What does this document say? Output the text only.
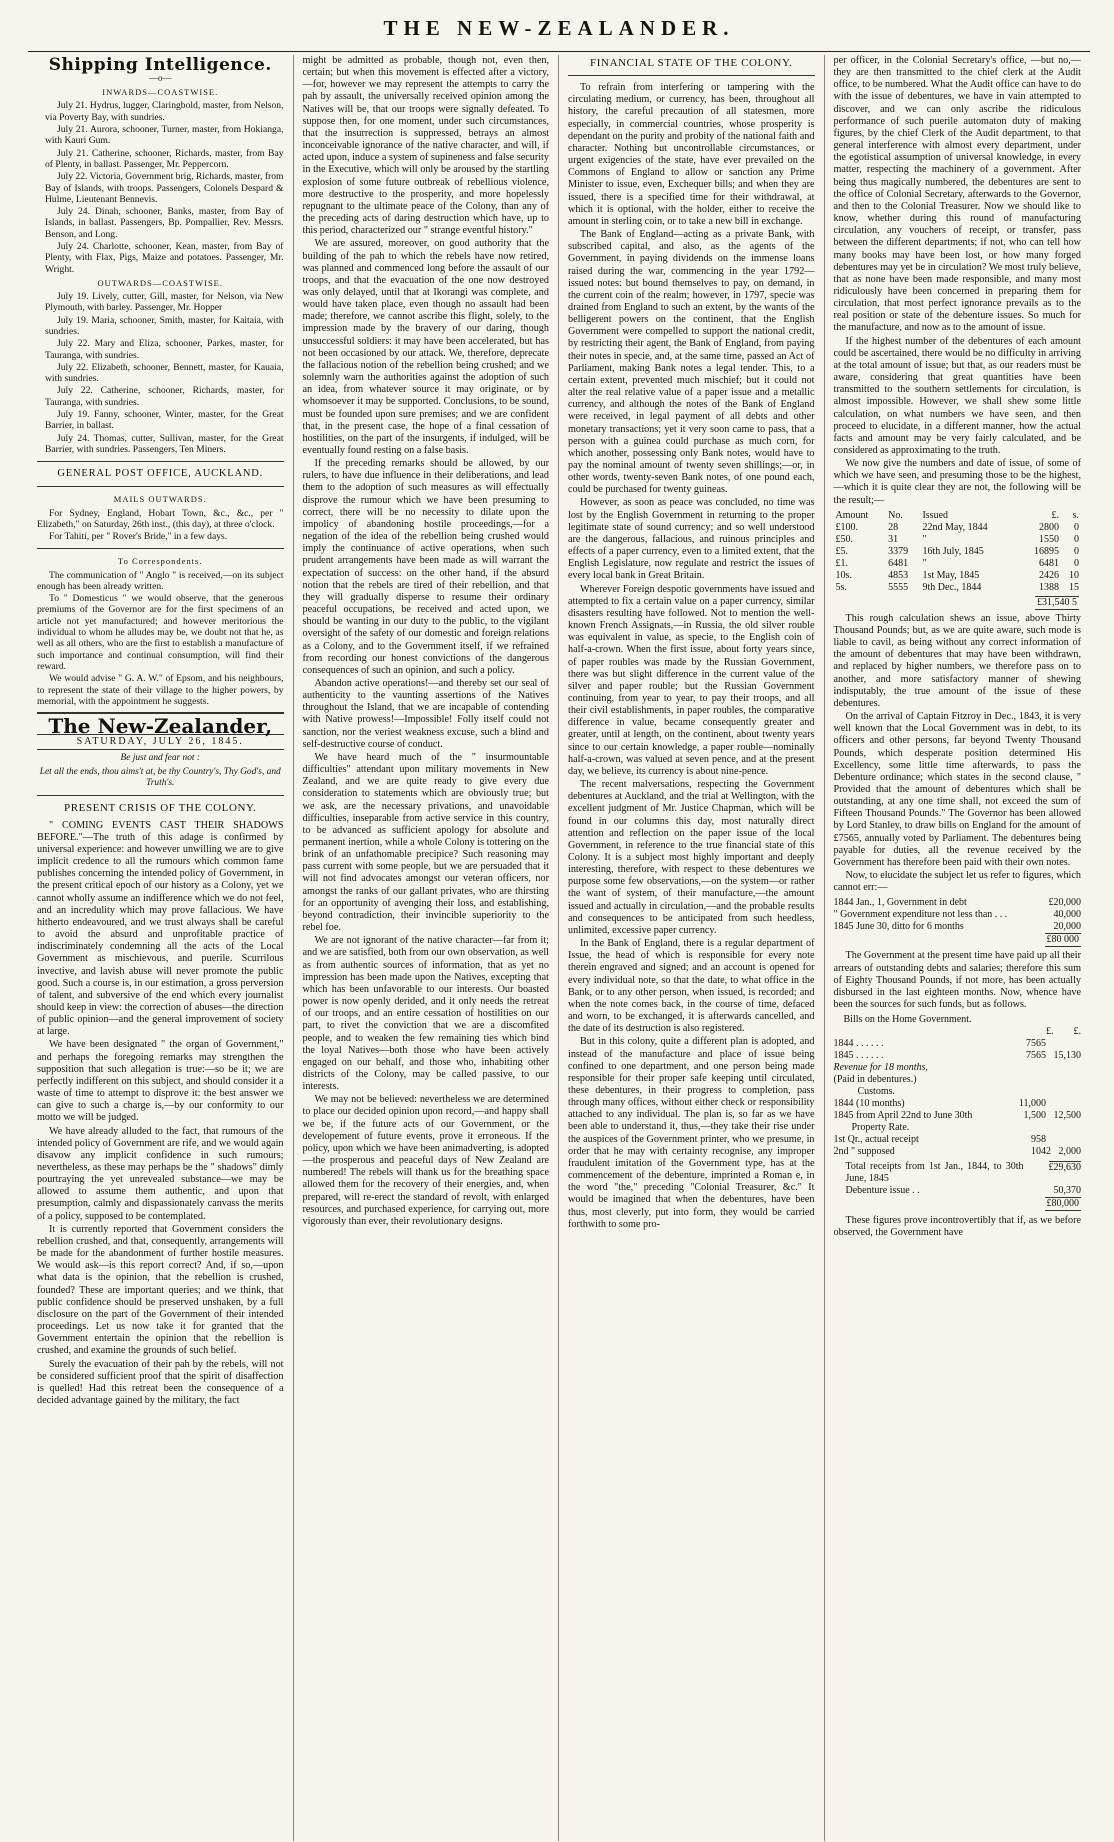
THE NEW-ZEALANDER.
Shipping Intelligence.
—o—
INWARDS—COASTWISE.

July 21. Hydrus, lugger, Claringbold, master, from Nelson, via Poverty Bay, with sundries.

July 21. Aurora, schooner, Turner, master, from Hokianga, with Kauri Gum.

July 21. Catherine, schooner, Richards, master, from Bay of Plenty, in ballast. Passenger, Mr. Peppercorn.

July 22. Victoria, Government brig, Richards, master, from Bay of Islands, with troops. Passengers, Colonels Despard & Hulme, Lieutenant Bennevis.

July 24. Dinah, schooner, Banks, master, from Bay of Islands, in ballast. Passengers, Bp. Pompallier, Rev. Messrs. Benson, and Long.

July 24. Charlotte, schooner, Kean, master, from Bay of Plenty, with Flax, Pigs, Maize and potatoes. Passenger, Mr. Wright.

OUTWARDS—COASTWISE.

July 19. Lively, cutter, Gill, master, for Nelson, via New Plymouth, with barley. Passenger, Mr. Hopper

July 19. Maria, schooner, Smith, master, for Kaitaia, with sundries.

July 22. Mary and Eliza, schooner, Parkes, master, for Tauranga, with sundries.

July 22. Elizabeth, schooner, Bennett, master, for Kauaia, with sundries.

July 22. Catherine, schooner, Richards, master, for Tauranga, with sundries.

July 19. Fanny, schooner, Winter, master, for the Great Barrier, in ballast.

July 24. Thomas, cutter, Sullivan, master, for the Great Barrier, with sundries. Passengers, Ten Miners.

GENERAL POST OFFICE, AUCKLAND.
MAILS OUTWARDS.

For Sydney, England, Hobart Town, &c., &c., per " Elizabeth," on Saturday, 26th inst., (this day), at three o'clock.

For Tahiti, per " Rover's Bride," in a few days.

To Correspondents.

The communication of " Anglo " is received,—on its subject enough has been already written.

To " Domesticus " we would observe, that the generous premiums of the Governor are for the first specimens of an article not yet manufactured; and however meritorious the individual to whom he alludes may be, we doubt not that he, as well as all others, who are the first to establish a manufacture of such importance and continual consumption, will find their reward.

We would advise " G. A. W." of Epsom, and his neighbours, to represent the state of their village to the higher powers, by memorial, with the appointment he suggests.

The New-Zealander,
SATURDAY, JULY 26, 1845.
Be just and fear not :
Let all the ends, thou aims't at, be thy Country's, Thy God's, and Truth's.
PRESENT CRISIS OF THE COLONY.

" COMING EVENTS CAST THEIR SHADOWS BEFORE."—The truth of this adage is confirmed by universal experience: and however unwilling we are to give implicit credence to all the rumours which common fame publishes concerning the intended policy of Government, in the present critical epoch of our history as a Colony, yet we cannot wholly assume an indifference which we do not feel, and an incredulity which may prove fallacious. We have hitherto endeavoured, and we trust always shall be careful to avoid the absurd and unprofitable practice of indiscriminately condemning all the acts of the Local Government as mischievous, and puerile. Scurrilous invective, and lavish abuse will never promote the public good. Such a course is, in our estimation, a gross perversion of talent, and subversive of the end which every journalist should keep in view: the correction of abuses—the direction of public opinion—and the general improvement of society at large.

We have been designated " the organ of Government," and perhaps the foregoing remarks may strengthen the supposition that such allegation is true:—so be it; we are perfectly indifferent on this subject, and should consider it a waste of time to attempt to disprove it: the best answer we can give to such a charge is,—by our conformity to our motto we will be judged.

We have already alluded to the fact, that rumours of the intended policy of Government are rife, and we would again disavow any implicit confidence in such rumours; nevertheless, as these may perhaps be the " shadows" dimly pourtraying the yet unrevealed substance—we may be allowed to assume them authentic, and upon that presumption, calmly and dispassionately canvass the merits of a policy, supposed to be contemplated.

It is currently reported that Government considers the rebellion crushed, and that, consequently, arrangements will be made for the abandonment of further hostile measures. We would ask—is this report correct? And, if so,—upon what data is the opinion, that the rebellion is crushed, founded? These are important queries; and we think, that public confidence should be preserved unshaken, by a full disclosure on the part of the Government of their intended proceedings. Let us now take it for granted that the Government entertain the opinion that the rebellion is crushed, and examine the grounds of such belief.

Surely the evacuation of their pah by the rebels, will not be considered sufficient proof that the spirit of disaffection is quelled! Had this retreat been the consequence of a decided advantage gained by the military, the fact

might be admitted as probable, though not, even then, certain; but when this movement is effected after a victory,—for, however we may represent the attempts to carry the pah by assault, the universally received opinion among the Natives will be, that our troops were signally defeated. To suppose then, for one moment, under such circumstances, that the insurrection is suppressed, betrays an almost inconceivable ignorance of the native character, and will, if acted upon, induce a system of supineness and false security in the Executive, which will only be aroused by the startling explosion of some future outbreak of rebellious violence, more destructive to the prosperity, and more hopelessly repugnant to the ultimate peace of the Colony, than any of the preceding acts of daring destruction which have, up to this period, characterized our " strange eventful history."

We are assured, moreover, on good authority that the building of the pah to which the rebels have now retired, was planned and commenced long before the assault of our troops, and that the evacuation of the one now destroyed was only delayed, until that at Ikorangi was complete, and would have taken place, even though no assault had been made; therefore, we cannot ascribe this flight, solely, to the impression made by the bravery of our daring, though unsuccessful soldiers: it may have been accelerated, but has not been occasioned by our attack. We, therefore, deprecate the fallacious notion of the rebellion being crushed; and we solemnly warn the authorities against the adoption of such an idea, from whatever source it may originate, or by whomsoever it may be supported. Conclusions, to be sound, must be founded upon sure premises; and we are confident that, in the present case, the hope of a final cessation of hostilities, on the part of the insurgents, if indulged, will be eventually found resting on a false basis.

If the preceding remarks should be allowed, by our rulers, to have due influence in their deliberations, and lead them to the adoption of such measures as will effectually disprove the rumour which we have been presuming to correct, there will be no necessity to dilate upon the impolicy of abandoning hostile proceedings,—for a negation of the idea of the rebellion being crushed would imply the continuance of active operations, when such prudent arrangements have been made as will warrant the expectation of success: on the other hand, if the absurd notion that the rebels are tired of their rebellion, and that they will gradually disperse to resume their ordinary peaceful occupations, be received and acted upon, we should be wanting in our duty to the public, to the vigilant oversight of the safety of our domestic and foreign relations as a Colony, and to the Government itself, if we refrained from recording our honest convictions of the dangerous consequences of such an opinion, and such a policy.

Abandon active operations!—and thereby set our seal of authenticity to the vaunting assertions of the Natives throughout the Island, that we are incapable of contending with Native prowess!—Impossible! Folly itself could not sanction, nor the veriest weakness excuse, such a blind and self-destructive course of conduct.

We have heard much of the " insurmountable difficulties" attendant upon military movements in New Zealand, and we are quite ready to give every due consideration to statements which are obviously true; but we ask, are the necessary privations, and unavoidable difficulties, inseparable from active service in this country, to be advanced as sufficient apology for absolute and permanent inertion, while a whole Colony is tottering on the brink of an unfathomable precipice? Such reasoning may pass current with some people, but we are persuaded that it will not find advocates amongst our veteran officers, nor amongst the ranks of our gallant privates, who are thirsting for an opportunity of avenging their loss, and establishing, beyond contradiction, their invincible superiority to the rebel foe.

We are not ignorant of the native character—far from it; and we are satisfied, both from our own observation, as well as from authentic sources of information, that as yet no impression has been made upon the Natives, excepting that which has been unfavorable to our interests. Our boasted power is now openly derided, and it only needs the retreat of our troops, and an entire cessation of hostilities on our part, to rivet the conviction that we are a discomfited people, and to weaken the few remaining ties which bind the loyal Natives—both those who have been actively engaged on our behalf, and those who, inhabiting other districts of the Colony, may be called passive, to our interests.

We may not be believed: nevertheless we are determined to place our decided opinion upon record,—and happy shall we be, if the future acts of our Government, or the developement of future events, prove it erroneous. If the policy, upon which we have been animadverting, is adopted—the prosperous and peaceful days of New Zealand are numbered! The rebels will thank us for the breathing space allowed them for the recovery of their energies, and, when prepared, will re-erect the standard of revolt, with enlarged resources, and purchased experience, for carrying out, more vigorously than ever, their revolutionary designs.

FINANCIAL STATE OF THE COLONY.

To refrain from interfering or tampering with the circulating medium, or currency, has been, throughout all history, the careful precaution of all statesmen, more especially, in commercial countries, whose prosperity is dependant on the purity and probity of the national faith and character. Nothing but uncontrollable circumstances, or urgent exigencies of the state, have ever prevailed on the Commons of England to allow or sanction any Prime Minister to issue, even, Exchequer bills; and when they are issued, there is a specified time for their withdrawal, at which it is optional, with the holder, either to receive the amount in sterling coin, or to take a new bill in exchange.

The Bank of England—acting as a private Bank, with subscribed capital, and also, as the agents of the Government, in paying dividends on the immense loans raised during the war, commencing in the year 1792—issued notes: but bound themselves to pay, on demand, in the current coin of the realm; however, in 1797, specie was drained from England to such an extent, by the wants of the belligerent powers on the continent, that the English Government were compelled to support the national credit, by restricting their agent, the Bank of England, from paying their notes in specie, and, at the same time, passed an Act of Parliament, making Bank notes a legal tender. This, to a certain extent, prevented much mischief; but it could not alter the real relative value of a paper issue and a metallic currency, and although the notes of the Bank of England were received, in legal payment of all debts and other monetary transactions; yet it very soon came to pass, that a person with a guinea could purchase as much corn, for which another, possessing only Bank notes, would have to pay the nominal amount of twenty seven shillings;—or, in other words, twenty-seven Bank notes, of one pound each, could be purchased for twenty guineas.

However, as soon as peace was concluded, no time was lost by the English Government in returning to the proper legitimate state of sound currency; and so well understood are the dangerous, fallacious, and ruinous principles and effects of a paper currency, even to a limited extent, that the English Legislature, now regulate and restrict the issues of every local bank in Great Britain.

Wherever Foreign despotic governments have issued and attempted to fix a certain value on a paper currency, similar disasters resulting have followed. Not to mention the well-known French Assignats,—in Russia, the old silver rouble was equivalent in value, as specie, to the English coin of half-a-crown. When the first issue, about forty years since, of paper roubles was made by the Russian Government, there was but slight difference in the current value of the silver and paper rouble; but the Russian Government continuing, from year to year, to pay their troops, and all their civil establishments, in paper roubles, the comparative difference in value, became consequently greater and greater, until at length, on the continent, about twenty years since to our certain knowledge, a paper rouble—nominally half-a-crown, was valued at seven pence, and at the present day, we believe, its currency is about nine-pence.

The recent malversations, respecting the Government debentures at Auckland, and the trial at Wellington, with the excellent judgment of Mr. Justice Chapman, which will be found in our columns this day, most naturally direct attention and reflection on the paper issue of the local Government, in reference to the true financial state of this Colony. It is a subject most highly important and deeply interesting, therefore, with respect to these debentures we purpose some few observations,—on the system—or rather the want of system, of their manufacture,—the amount issued and actually in circulation,—and the probable results and consequences to be anticipated from such heedless, unlimited, excessive paper currency.

In the Bank of England, there is a regular department of Issue, the head of which is responsible for every note therein engraved and signed; and an account is opened for every individual note, so that the date, to what office in the Bank, or to any other person, when issued, is recorded; and when the note comes back, in the course of time, defaced and worn, to be exchanged, it is afterwards cancelled, and the date of its destruction is also registered.

But in this colony, quite a different plan is adopted, and instead of the manufacture and place of issue being confined to one department, and one person being made responsible for their proper safe keeping until circulated, these debentures, in their progress to completion, pass through many offices, without either check or responsibility attached to any individual. The plan is, so far as we have been able to understand it, thus,—they take their rise under the auspices of the Government printer, who we presume, in order that he may with certainty recognise, any improper fraudulent imitation of the Government type, has at the commencement of the debenture, imprinted a Roman e, in the word "the," preceding "Colonial Treasurer, &c." It would be imagined that when the debentures, have been thus, most cleverly, put into form, they would be carried forthwith to some pro-

per officer, in the Colonial Secretary's office, —but no,—they are then transmitted to the chief clerk at the Audit office, to be numbered. What the Audit office can have to do with the issue of debentures, we have in vain attempted to discover, and we can only ascribe the ridiculous performance of such puerile automaton duty of making figures, by the chief Clerk of the Audit department, to that general interference with almost every department, under the egotistical assumption of universal knowledge, in every matter, respecting the machinery of a government. After being thus magically numbered, the debentures are sent to the office of Colonial Secretary, afterwards to the Governor, and then to the Colonial Treasurer. Now we should like to know, whether during this round of manufacturing circulation, any vouchers of receipt, or transfer, pass between the different departments; if not, who can tell how many books may have been lost, or how many forged debentures may yet be in circulation? We most truly believe, that as none have been made responsible, and many most ridiculously have been concerned in preparing them for circulation, that most perfect ignorance prevails as to the real position or state of the debenture issues. So much for the manufacture, and now as to the amount of issue.

If the highest number of the debentures of each amount could be ascertained, there would be no difficulty in arriving at the total amount of issue; but that, as our readers must be aware, considering that great quantities have been transmitted to the southern settlements for circulation, is almost impossible. However, we shall shew some little calculation, on what numbers we have seen, and then proceed to elucidate, in a different manner, how the actual facts and amount may be very fairly calculated, and be considered as approximating to the truth.

We now give the numbers and date of issue, of some of which we have seen, and presuming those to be the highest,—which it is quite clear they are not, the following will be the result;—

Amount	No.	Issued	£.	s.
£100.	28	22nd May, 1844	2800	0
£50.	31	"	1550	0
£5.	3379	16th July, 1845	16895	0
£1.	6481	"	6481	0
10s.	4853	1st May, 1845	2426	10
5s.	5555	9th Dec., 1844	1388	15
£31,540 5				

This rough calculation shews an issue, above Thirty Thousand Pounds; but, as we are quite aware, such mode is liable to cavil, as being without any correct information of the amount of debentures that may have been withdrawn, and replaced by higher numbers, we therefore pass on to another, and more satisfactory manner of shewing indisputably, the true amount of the issue of these debentures.

On the arrival of Captain Fitzroy in Dec., 1843, it is very well known that the Local Government was in debt, to its officers and other persons, far beyond Twenty Thousand Pounds, which desperate position determined His Excellency, some little time afterwards, to pass the Debenture ordinance; which states in the second clause, " Provided that the amount of debentures which shall be outstanding, at any one time shall, not exceed the sum of Fifteen Thousand Pounds." The Governor has been allowed by Lord Stanley, to draw bills on England for the amount of £7565, annually voted by Parliament. The debentures being payable for duties, all the revenue received by the Government has therefore been paid with their own notes.

Now, to elucidate the subject let us refer to figures, which cannot err:—

1844 Jan., 1, Government in debt	£20,000
" Government expenditure not less than . . .	40,000
1845 June 30, ditto for 6 months	20,000
£80 000

The Government at the present time have paid up all their arrears of outstanding debts and salaries; therefore this sum of Eighty Thousand Pounds, if not more, has been actually disbursed in the last eighteen months. Now, whence have been the sources for such funds, but as follows.

Bills on the Home Government.
£. £.
1844 . . . . . .	7565
1845 . . . . . .	7565 15,130
Revenue for 18 months,
(Paid in debentures.)
Customs.
1844 (10 months)	11,000
1845 from April 22nd to June 30th	1,500 12,500
Property Rate.
1st Qr., actual receipt	958
2nd " supposed	1042 2,000
Total receipts from 1st Jan., 1844, to 30th June, 1845
£29,630
Debenture issue . .	50,370
£80,000

These figures prove incontrovertibly that if, as we before observed, the Government have
